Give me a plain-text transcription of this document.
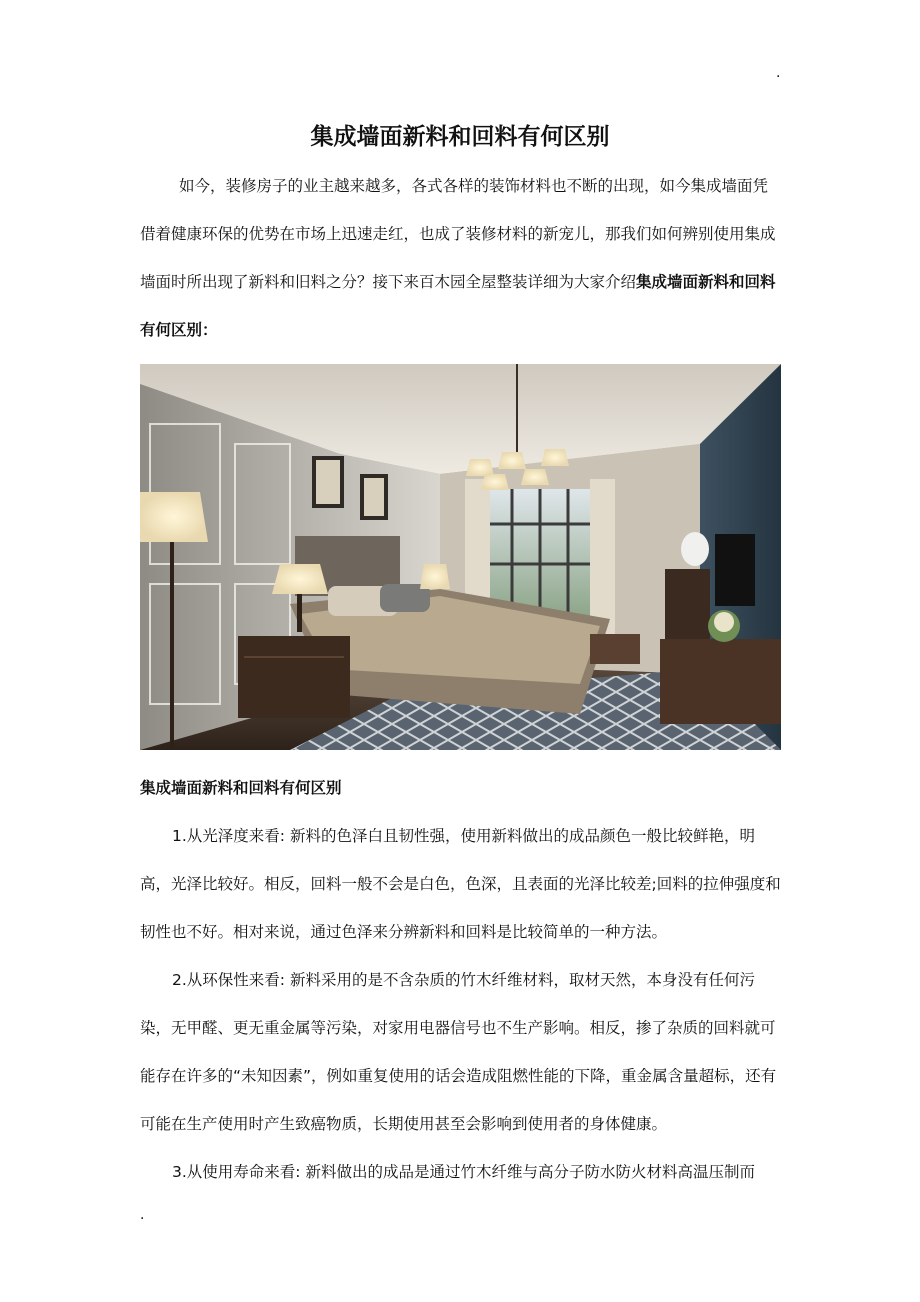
.
集成墙面新料和回料有何区别
如今，装修房子的业主越来越多，各式各样的装饰材料也不断的出现，如今集成墙面凭借着健康环保的优势在市场上迅速走红，也成了装修材料的新宠儿，那我们如何辨别使用集成墙面时所出现了新料和旧料之分？接下来百木园全屋整装详细为大家介绍集成墙面新料和回料有何区别：
集成墙面新料和回料有何区别
1.从光泽度来看: 新料的色泽白且韧性强，使用新料做出的成品颜色一般比较鲜艳，明高，光泽比较好。相反，回料一般不会是白色，色深，且表面的光泽比较差;回料的拉伸强度和韧性也不好。相对来说，通过色泽来分辨新料和回料是比较简单的一种方法。
2.从环保性来看: 新料采用的是不含杂质的竹木纤维材料，取材天然，本身没有任何污染，无甲醛、更无重金属等污染，对家用电器信号也不生产影响。相反，掺了杂质的回料就可能存在许多的“未知因素”，例如重复使用的话会造成阻燃性能的下降，重金属含量超标，还有可能在生产使用时产生致癌物质，长期使用甚至会影响到使用者的身体健康。
3.从使用寿命来看: 新料做出的成品是通过竹木纤维与高分子防水防火材料高温压制而
.
